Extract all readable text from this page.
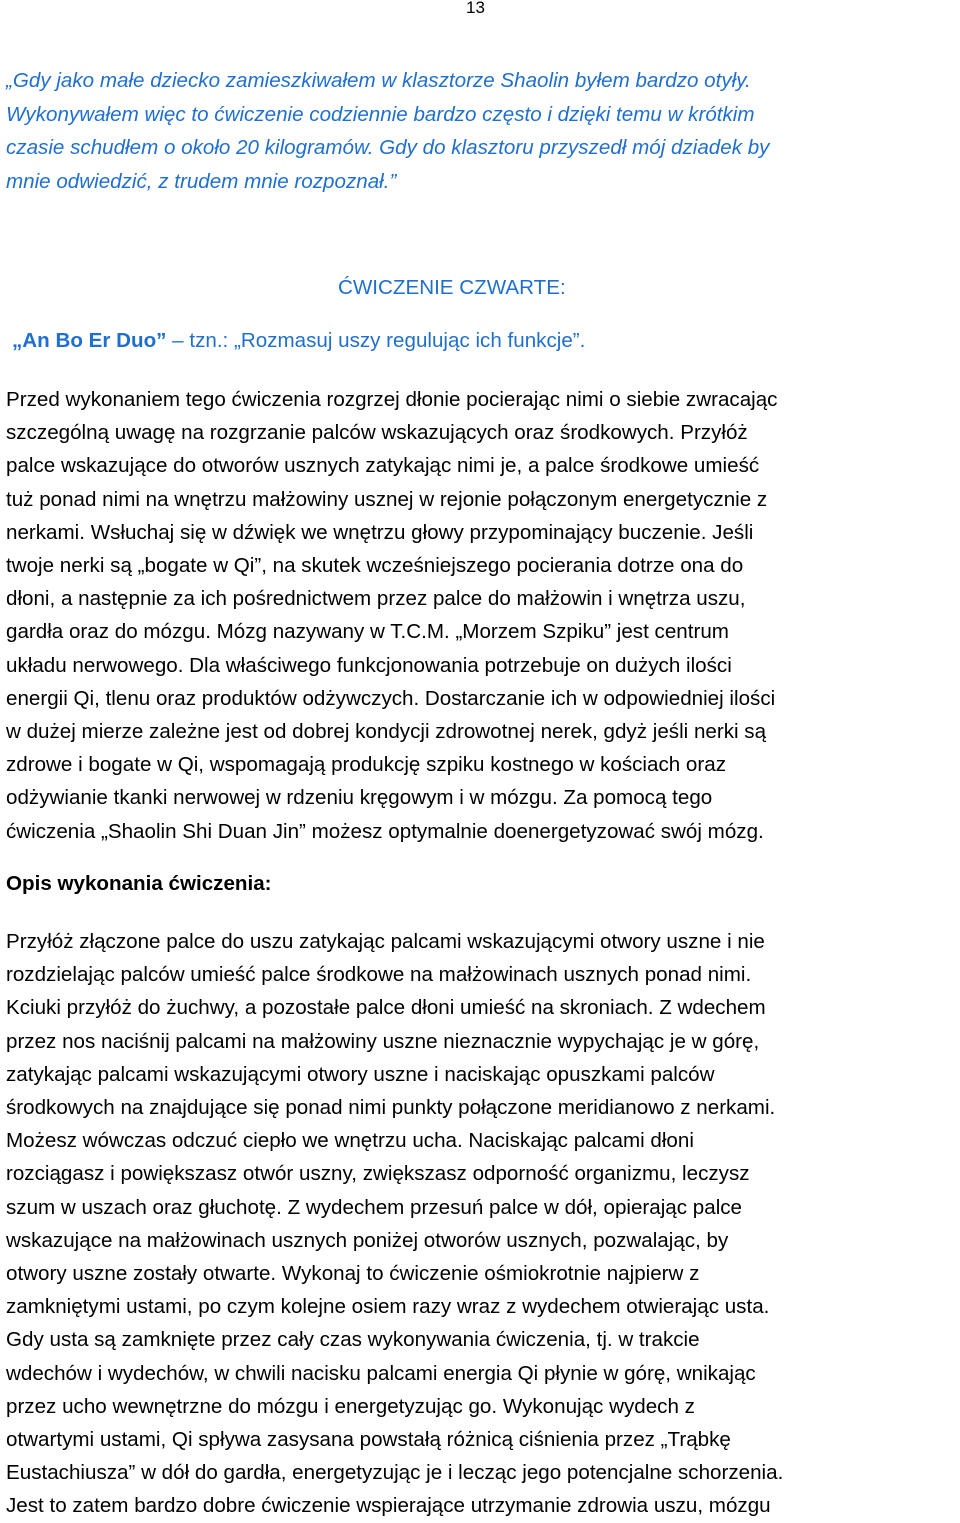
13

„Gdy jako małe dziecko zamieszkiwałem w klasztorze Shaolin byłem bardzo otyły.
Wykonywałem więc to ćwiczenie codziennie bardzo często i dzięki temu w krótkim
czasie schudłem o około 20 kilogramów. Gdy do klasztoru przyszedł mój dziadek by
mnie odwiedzić, z trudem mnie rozpoznał.”

ĆWICZENIE CZWARTE:

„An Bo Er Duo” – tzn.: „Rozmasuj uszy regulując ich funkcje”.

Przed wykonaniem tego ćwiczenia rozgrzej dłonie pocierając nimi o siebie zwracając
szczególną uwagę na rozgrzanie palców wskazujących oraz środkowych. Przyłóż
palce wskazujące do otworów usznych zatykając nimi je, a palce środkowe umieść
tuż ponad nimi na wnętrzu małżowiny usznej w rejonie połączonym energetycznie z
nerkami. Wsłuchaj się w dźwięk we wnętrzu głowy przypominający buczenie. Jeśli
twoje nerki są „bogate w Qi”, na skutek wcześniejszego pocierania dotrze ona do
dłoni, a następnie za ich pośrednictwem przez palce do małżowin i wnętrza uszu,
gardła oraz do mózgu. Mózg nazywany w T.C.M. „Morzem Szpiku” jest centrum
układu nerwowego. Dla właściwego funkcjonowania potrzebuje on dużych ilości
energii Qi, tlenu oraz produktów odżywczych. Dostarczanie ich w odpowiedniej ilości
w dużej mierze zależne jest od dobrej kondycji zdrowotnej nerek, gdyż jeśli nerki są
zdrowe i bogate w Qi, wspomagają produkcję szpiku kostnego w kościach oraz
odżywianie tkanki nerwowej w rdzeniu kręgowym i w mózgu. Za pomocą tego
ćwiczenia „Shaolin Shi Duan Jin” możesz optymalnie doenergetyzować swój mózg.

Opis wykonania ćwiczenia:

Przyłóż złączone palce do uszu zatykając palcami wskazującymi otwory uszne i nie
rozdzielając palców umieść palce środkowe na małżowinach usznych ponad nimi.
Kciuki przyłóż do żuchwy, a pozostałe palce dłoni umieść na skroniach. Z wdechem
przez nos naciśnij palcami na małżowiny uszne nieznacznie wypychając je w górę,
zatykając palcami wskazującymi otwory uszne i naciskając opuszkami palców
środkowych na znajdujące się ponad nimi punkty połączone meridianowo z nerkami.
Możesz wówczas odczuć ciepło we wnętrzu ucha. Naciskając palcami dłoni
rozciągasz i powiększasz otwór uszny, zwiększasz odporność organizmu, leczysz
szum w uszach oraz głuchotę. Z wydechem przesuń palce w dół, opierając palce
wskazujące na małżowinach usznych poniżej otworów usznych, pozwalając, by
otwory uszne zostały otwarte. Wykonaj to ćwiczenie ośmiokrotnie najpierw z
zamkniętymi ustami, po czym kolejne osiem razy wraz z wydechem otwierając usta.
Gdy usta są zamknięte przez cały czas wykonywania ćwiczenia, tj. w trakcie
wdechów i wydechów, w chwili nacisku palcami energia Qi płynie w górę, wnikając
przez ucho wewnętrzne do mózgu i energetyzując go. Wykonując wydech z
otwartymi ustami, Qi spływa zasysana powstałą różnicą ciśnienia przez „Trąbkę
Eustachiusza” w dół do gardła, energetyzując je i lecząc jego potencjalne schorzenia.
Jest to zatem bardzo dobre ćwiczenie wspierające utrzymanie zdrowia uszu, mózgu
